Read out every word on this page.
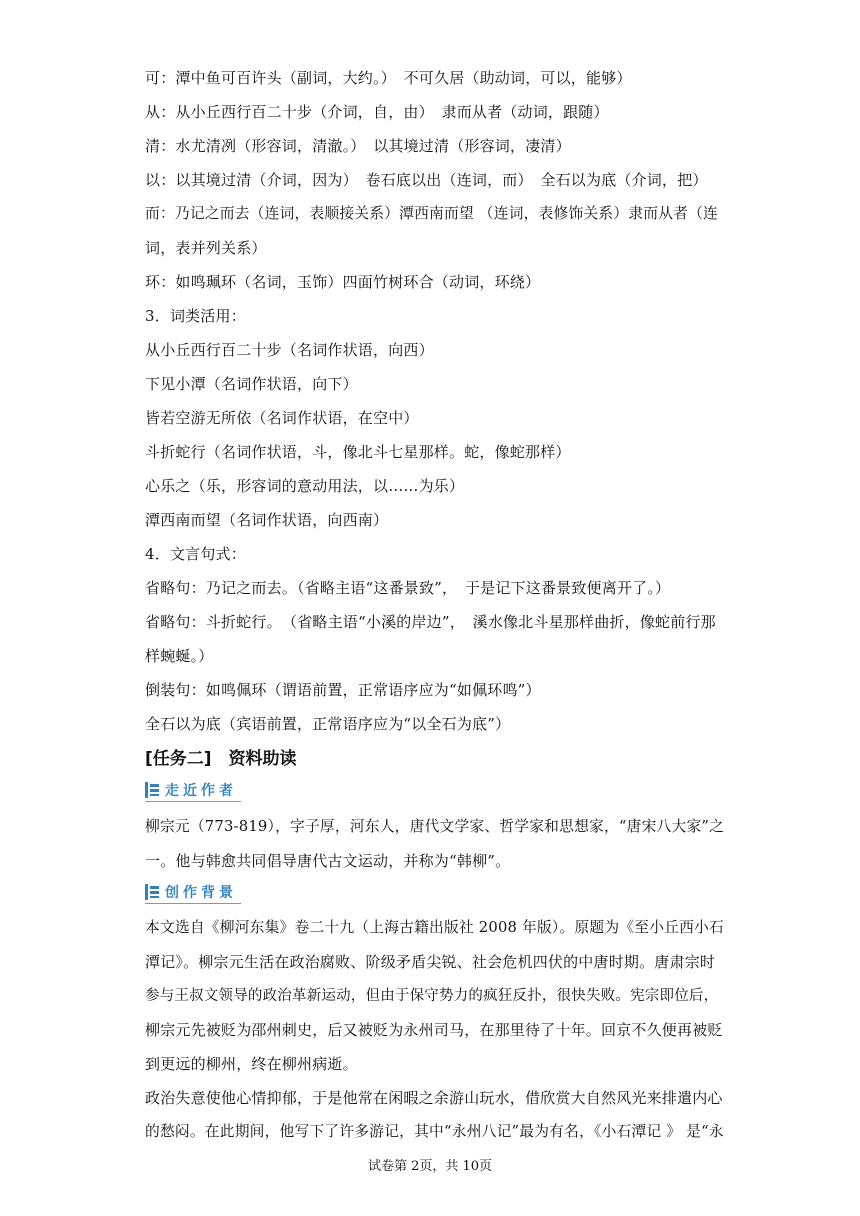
可：潭中鱼可百许头（副词，大约。）　不可久居（助动词，可以，能够）
从：从小丘西行百二十步（介词，自，由）　隶而从者（动词，跟随）
清：水尤清冽（形容词，清澈。）　以其境过清（形容词，凄清）
以：以其境过清（介词，因为）　卷石底以出（连词，而）　全石以为底（介词，把）
而：乃记之而去（连词，表顺接关系）潭西南而望 （连词，表修饰关系）隶而从者（连
词，表并列关系）
环：如鸣珮环（名词，玉饰）四面竹树环合（动词，环绕）
3．词类活用：
从小丘西行百二十步（名词作状语，向西）
下见小潭（名词作状语，向下）
皆若空游无所依（名词作状语，在空中）
斗折蛇行（名词作状语，斗，像北斗七星那样。蛇，像蛇那样）
心乐之（乐，形容词的意动用法，以……为乐）
潭西南而望（名词作状语，向西南）
4．文言句式：
省略句：乃记之而去。（省略主语“这番景致”，　于是记下这番景致便离开了。）
省略句：斗折蛇行。　（省略主语“小溪的岸边”，　溪水像北斗星那样曲折，像蛇前行那
样蜿蜒。）
倒装句：如鸣佩环（谓语前置，正常语序应为“如佩环鸣”）
全石以为底（宾语前置，正常语序应为“以全石为底”）
[任务二]　资料助读
走近作者
柳宗元（773-819），字子厚，河东人，唐代文学家、哲学家和思想家，“唐宋八大家”之
一。他与韩愈共同倡导唐代古文运动，并称为“韩柳”。
创作背景
本文选自《柳河东集》卷二十九（上海古籍出版社 2008 年版）。原题为《至小丘西小石
潭记》。柳宗元生活在政治腐败、阶级矛盾尖锐、社会危机四伏的中唐时期。唐肃宗时
参与王叔文领导的政治革新运动，但由于保守势力的疯狂反扑，很快失败。宪宗即位后，
柳宗元先被贬为邵州刺史，后又被贬为永州司马，在那里待了十年。回京不久便再被贬
到更远的柳州，终在柳州病逝。
政治失意使他心情抑郁，于是他常在闲暇之余游山玩水，借欣赏大自然风光来排遣内心
的愁闷。在此期间，他写下了许多游记，其中“永州八记”最为有名，《小石潭记 》 是“永
试卷第 2页，共 10页
